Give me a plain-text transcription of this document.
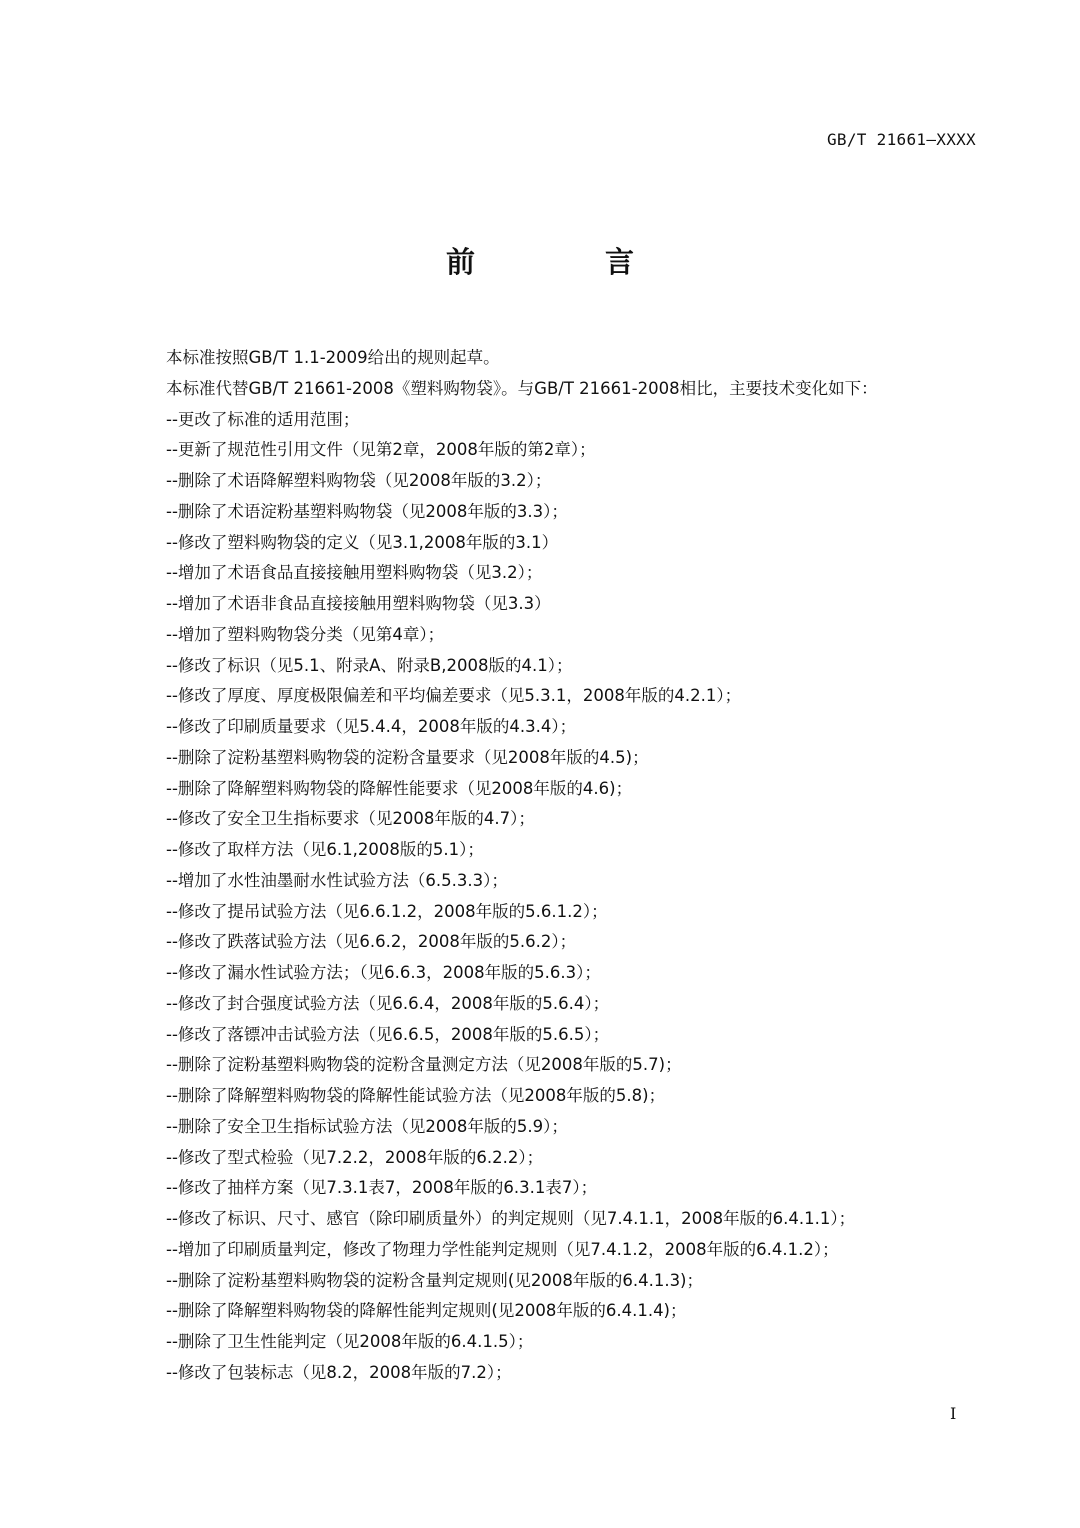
GB/T 21661—XXXX
前 言
本标准按照GB/T 1.1-2009给出的规则起草。
本标准代替GB/T 21661-2008《塑料购物袋》。与GB/T 21661-2008相比，主要技术变化如下：
--更改了标准的适用范围；
--更新了规范性引用文件（见第2章，2008年版的第2章）；
--删除了术语降解塑料购物袋（见2008年版的3.2）；
--删除了术语淀粉基塑料购物袋（见2008年版的3.3）；
--修改了塑料购物袋的定义（见3.1,2008年版的3.1）
--增加了术语食品直接接触用塑料购物袋（见3.2）；
--增加了术语非食品直接接触用塑料购物袋（见3.3）
--增加了塑料购物袋分类（见第4章）；
--修改了标识（见5.1、附录A、附录B,2008版的4.1）；
--修改了厚度、厚度极限偏差和平均偏差要求（见5.3.1，2008年版的4.2.1）；
--修改了印刷质量要求（见5.4.4，2008年版的4.3.4）；
--删除了淀粉基塑料购物袋的淀粉含量要求（见2008年版的4.5)；
--删除了降解塑料购物袋的降解性能要求（见2008年版的4.6)；
--修改了安全卫生指标要求（见2008年版的4.7）；
--修改了取样方法（见6.1,2008版的5.1）；
--增加了水性油墨耐水性试验方法（6.5.3.3）；
--修改了提吊试验方法（见6.6.1.2，2008年版的5.6.1.2）；
--修改了跌落试验方法（见6.6.2，2008年版的5.6.2）；
--修改了漏水性试验方法；（见6.6.3，2008年版的5.6.3）；
--修改了封合强度试验方法（见6.6.4，2008年版的5.6.4）；
--修改了落镖冲击试验方法（见6.6.5，2008年版的5.6.5）；
--删除了淀粉基塑料购物袋的淀粉含量测定方法（见2008年版的5.7)；
--删除了降解塑料购物袋的降解性能试验方法（见2008年版的5.8)；
--删除了安全卫生指标试验方法（见2008年版的5.9）；
--修改了型式检验（见7.2.2，2008年版的6.2.2）；
--修改了抽样方案（见7.3.1表7，2008年版的6.3.1表7）；
--修改了标识、尺寸、感官（除印刷质量外）的判定规则（见7.4.1.1，2008年版的6.4.1.1）；
--增加了印刷质量判定，修改了物理力学性能判定规则（见7.4.1.2，2008年版的6.4.1.2）；
--删除了淀粉基塑料购物袋的淀粉含量判定规则(见2008年版的6.4.1.3)；
--删除了降解塑料购物袋的降解性能判定规则(见2008年版的6.4.1.4)；
--删除了卫生性能判定（见2008年版的6.4.1.5）；
--修改了包装标志（见8.2，2008年版的7.2）；
I
